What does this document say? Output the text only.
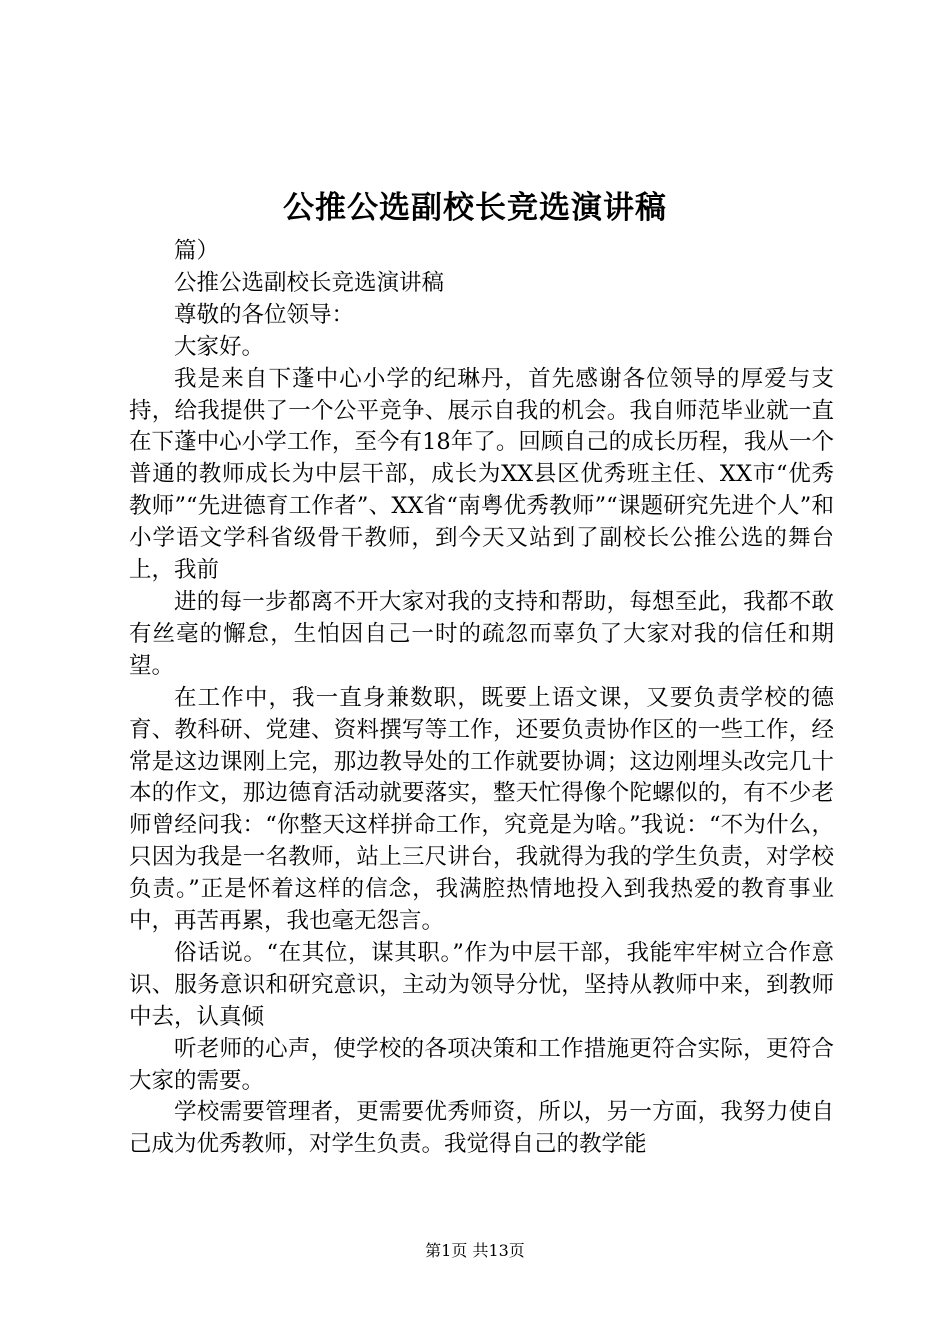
公推公选副校长竞选演讲稿

篇）

公推公选副校长竞选演讲稿

尊敬的各位领导：

大家好。

我是来自下蓬中心小学的纪琳丹，首先感谢各位领导的厚爱与支持，给我提供了一个公平竞争、展示自我的机会。我自师范毕业就一直在下蓬中心小学工作，至今有18年了。回顾自己的成长历程，我从一个普通的教师成长为中层干部，成长为XX县区优秀班主任、XX市“优秀教师”“先进德育工作者”、XX省“南粤优秀教师”“课题研究先进个人”和小学语文学科省级骨干教师，到今天又站到了副校长公推公选的舞台上，我前

进的每一步都离不开大家对我的支持和帮助，每想至此，我都不敢有丝毫的懈怠，生怕因自己一时的疏忽而辜负了大家对我的信任和期望。

在工作中，我一直身兼数职，既要上语文课，又要负责学校的德育、教科研、党建、资料撰写等工作，还要负责协作区的一些工作，经常是这边课刚上完，那边教导处的工作就要协调；这边刚埋头改完几十本的作文，那边德育活动就要落实，整天忙得像个陀螺似的，有不少老师曾经问我：“你整天这样拼命工作，究竟是为啥。”我说：“不为什么，只因为我是一名教师，站上三尺讲台，我就得为我的学生负责，对学校负责。”正是怀着这样的信念，我满腔热情地投入到我热爱的教育事业中，再苦再累，我也毫无怨言。

俗话说。“在其位，谋其职。”作为中层干部，我能牢牢树立合作意识、服务意识和研究意识，主动为领导分忧，坚持从教师中来，到教师中去，认真倾

听老师的心声，使学校的各项决策和工作措施更符合实际，更符合大家的需要。

学校需要管理者，更需要优秀师资，所以，另一方面，我努力使自己成为优秀教师，对学生负责。我觉得自己的教学能

第1页 共13页
